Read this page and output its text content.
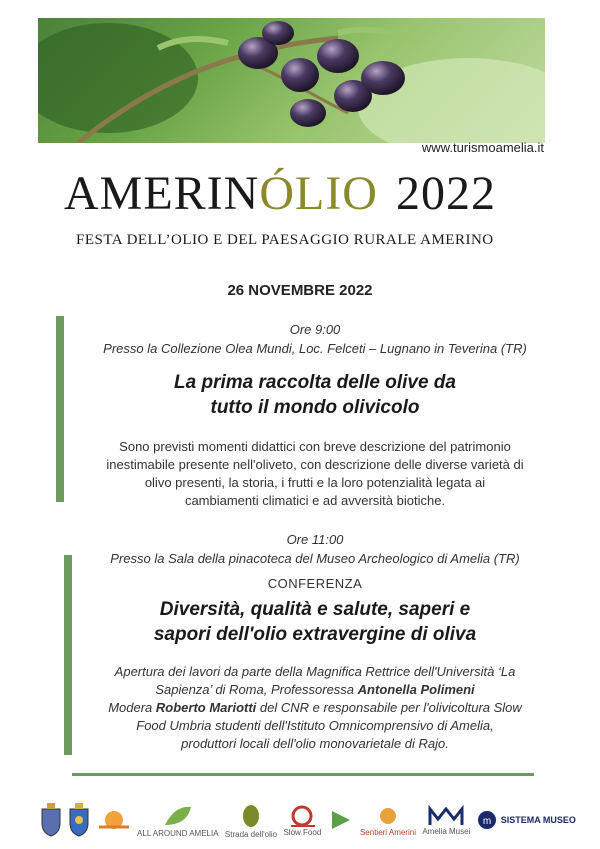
www.turismoamelia.it
AMERIN ÓLIO 2022
FESTA DELL’OLIO E DEL PAESAGGIO RURALE AMERINO
26 NOVEMBRE 2022
Ore 9:00
Presso la Collezione Olea Mundi, Loc. Felceti – Lugnano in Teverina (TR)
La prima raccolta delle olive da
tutto il mondo olivicolo
Sono previsti momenti didattici con breve descrizione del patrimonio
inestimabile presente nell'oliveto, con descrizione delle diverse varietà di
olivo presenti, la storia, i frutti e la loro potenzialità legata ai
cambiamenti climatici e ad avversità biotiche.
Ore 11:00
Presso la Sala della pinacoteca del Museo Archeologico di Amelia (TR)
CONFERENZA
Diversità, qualità e salute, saperi e
sapori dell'olio extravergine di oliva
Apertura dei lavori da parte della Magnifica Rettrice dell'Università ‘La
Sapienza’ di Roma, Professoressa Antonella Polimeni
Modera Roberto Mariotti del CNR e responsabile per l'olivicoltura Slow
Food Umbria studenti dell'Istituto Omnicomprensivo di Amelia,
produttori locali dell'olio monovarietale di Rajo.
ALL AROUND AMELIA Strada dell'olio Slow Food	Sentieri Amerini Amelia Musei
m SISTEMA MUSEO
